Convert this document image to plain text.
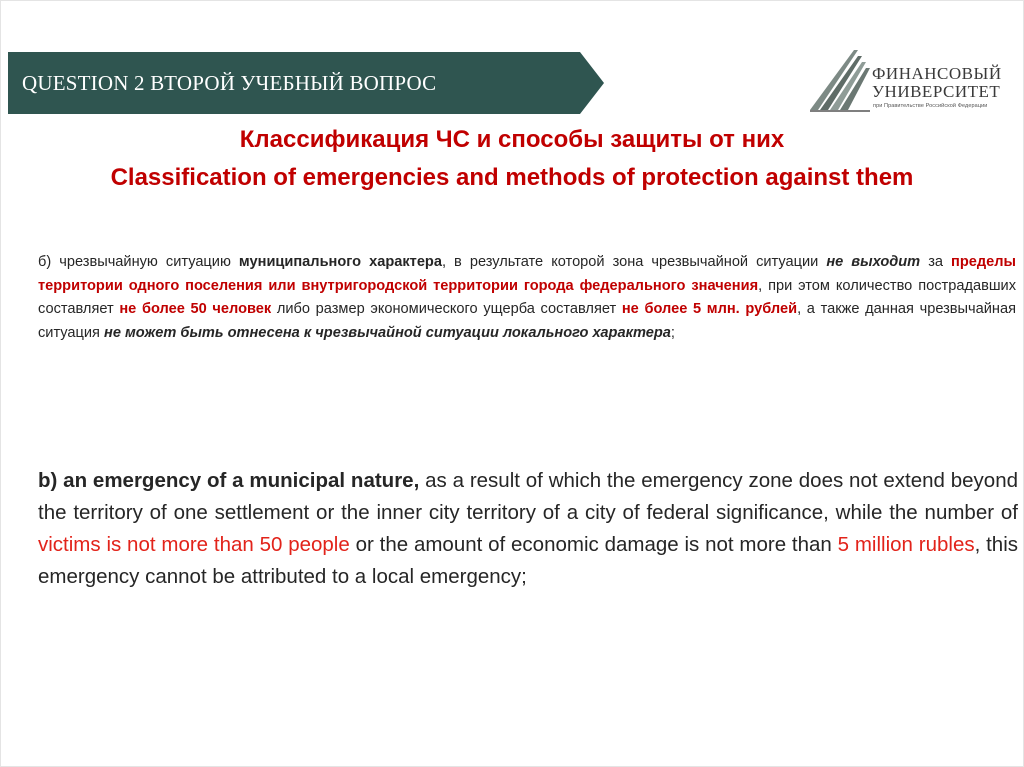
QUESTION 2 ВТОРОЙ УЧЕБНЫЙ ВОПРОС	ФИНАНСОВЫЙ
УНИВЕРСИТЕТ
при Правительстве Российской Федерации
Классификация ЧС и способы защиты от них
Classification of emergencies and methods of protection against them
б) чрезвычайную ситуацию муниципального характера, в результате которой зона чрезвычайной ситуации не выходит за пределы территории одного поселения или внутригородской территории города федерального значения, при этом количество пострадавших составляет не более 50 человек либо размер экономического ущерба составляет не более 5 млн. рублей, а также данная чрезвычайная ситуация не может быть отнесена к чрезвычайной ситуации локального характера;
b) an emergency of a municipal nature, as a result of which the emergency zone does not extend beyond the territory of one settlement or the inner city territory of a city of federal significance, while the number of victims is not more than 50 people or the amount of economic damage is not more than 5 million rubles, this emergency cannot be attributed to a local emergency;
